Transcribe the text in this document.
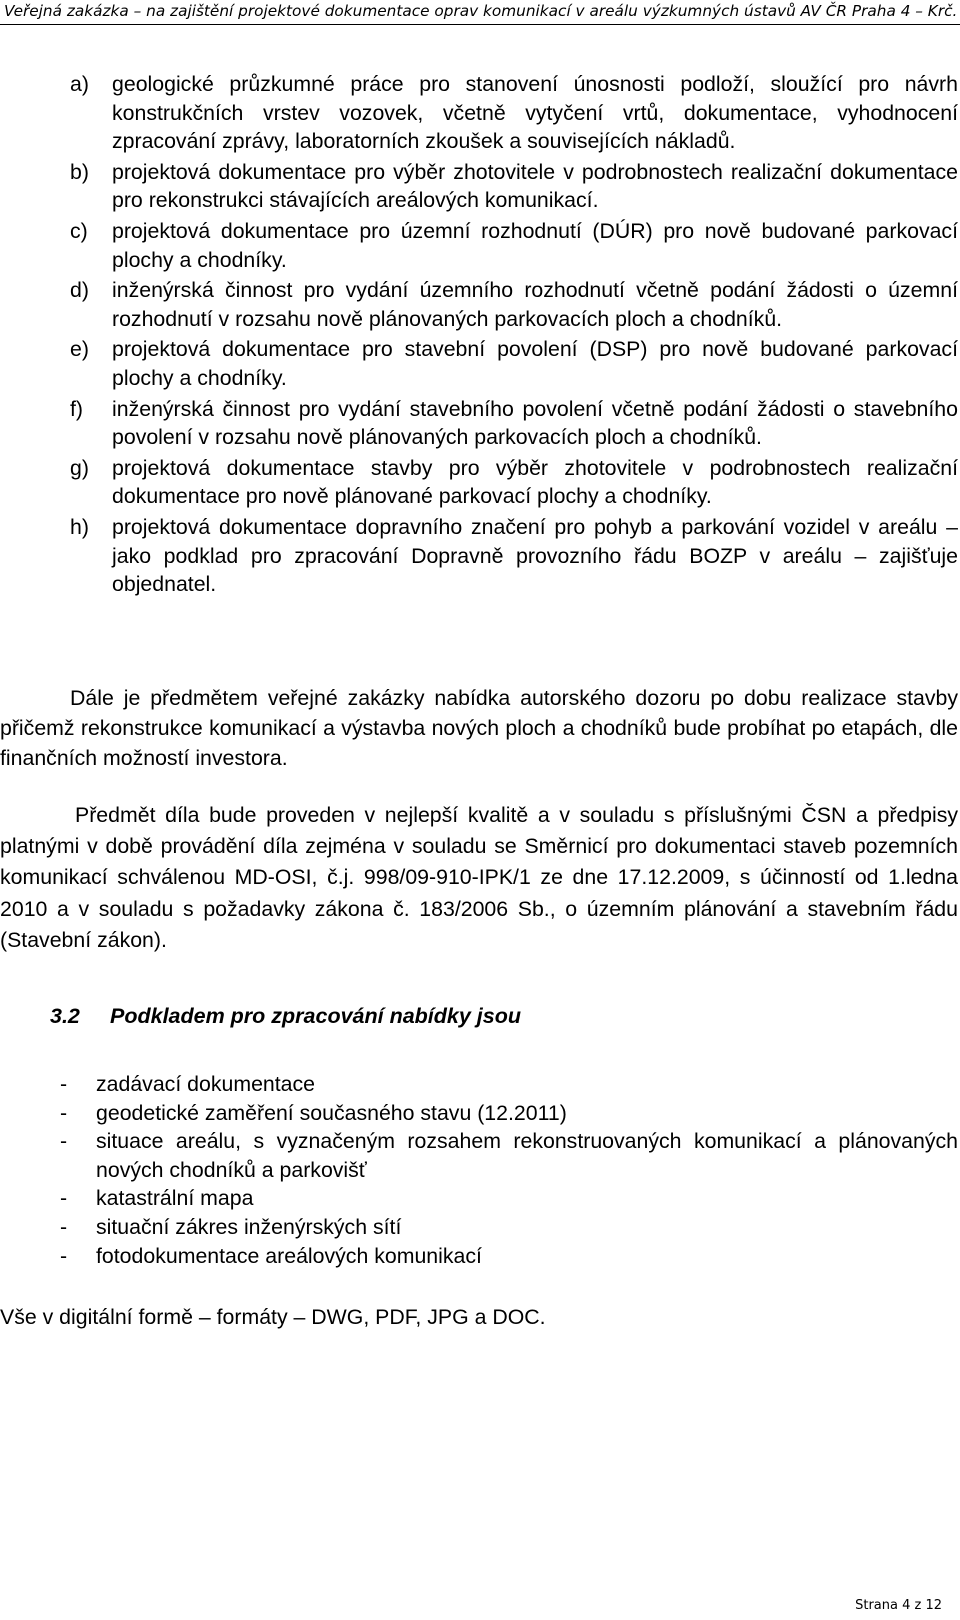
Veřejná zakázka – na zajištění projektové dokumentace oprav komunikací v areálu výzkumných ústavů AV ČR Praha 4 – Krč.
a) geologické průzkumné práce pro stanovení únosnosti podloží, sloužící pro návrh konstrukčních vrstev vozovek, včetně vytyčení vrtů, dokumentace, vyhodnocení zpracování zprávy, laboratorních zkoušek a souvisejících nákladů.
b) projektová dokumentace pro výběr zhotovitele v podrobnostech realizační dokumentace pro rekonstrukci stávajících areálových komunikací.
c) projektová dokumentace pro územní rozhodnutí (DÚR) pro nově budované parkovací plochy a chodníky.
d) inženýrská činnost pro vydání územního rozhodnutí včetně podání žádosti o územní rozhodnutí v rozsahu nově plánovaných parkovacích ploch a chodníků.
e) projektová dokumentace pro stavební povolení (DSP) pro nově budované parkovací plochy a chodníky.
f) inženýrská činnost pro vydání stavebního povolení včetně podání žádosti o stavebního povolení v rozsahu nově plánovaných parkovacích ploch a chodníků.
g) projektová dokumentace stavby pro výběr zhotovitele v podrobnostech realizační dokumentace pro nově plánované parkovací plochy a chodníky.
h) projektová dokumentace dopravního značení pro pohyb a parkování vozidel v areálu – jako podklad pro zpracování Dopravně provozního řádu BOZP v areálu – zajišťuje objednatel.

Dále je předmětem veřejné zakázky nabídka autorského dozoru po dobu realizace stavby přičemž rekonstrukce komunikací a výstavba nových ploch a chodníků bude probíhat po etapách, dle finančních možností investora.

Předmět díla bude proveden v nejlepší kvalitě a v souladu s příslušnými ČSN a předpisy platnými v době provádění díla zejména v souladu se Směrnicí pro dokumentaci staveb pozemních komunikací schválenou MD-OSI, č.j. 998/09-910-IPK/1 ze dne 17.12.2009, s účinností od 1.ledna 2010 a v souladu s požadavky zákona č. 183/2006 Sb., o územním plánování a stavebním řádu (Stavební zákon).

3.2 Podkladem pro zpracování nabídky jsou
- zadávací dokumentace
- geodetické zaměření současného stavu (12.2011)
- situace areálu, s vyznačeným rozsahem rekonstruovaných komunikací a plánovaných nových chodníků a parkovišť
- katastrální mapa
- situační zákres inženýrských sítí
- fotodokumentace areálových komunikací

Vše v digitální formě – formáty – DWG, PDF, JPG a DOC.

Strana 4 z 12
